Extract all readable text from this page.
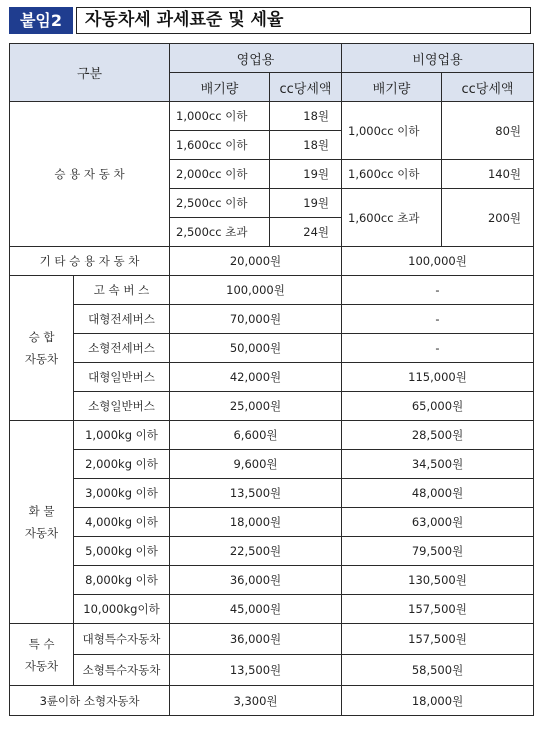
붙임2	자동차세 과세표준 및 세율
구분		영업용		비영업용	
		배기량	cc당세액	배기량	cc당세액
승 용 자 동 차		1,000cc 이하	18원	1,000cc 이하	80원
		1,600cc 이하	18원		
		2,000cc 이하	19원	1,600cc 이하	140원
		2,500cc 이하	19원	1,600cc 초과	200원
		2,500cc 초과	24원		
기 타 승 용 자 동 차		20,000원		100,000원	
승 합
자동차	고 속 버 스	100,000원		-	
	대형전세버스	70,000원		-	
	소형전세버스	50,000원		-	
	대형일반버스	42,000원		115,000원	
	소형일반버스	25,000원		65,000원	
화 물
자동차	1,000kg 이하	6,600원		28,500원	
	2,000kg 이하	9,600원		34,500원	
	3,000kg 이하	13,500원		48,000원	
	4,000kg 이하	18,000원		63,000원	
	5,000kg 이하	22,500원		79,500원	
	8,000kg 이하	36,000원		130,500원	
	10,000kg이하	45,000원		157,500원	
특 수
자동차	대형특수자동차	36,000원		157,500원	
	소형특수자동차	13,500원		58,500원	
3륜이하 소형자동차		3,300원		18,000원	
